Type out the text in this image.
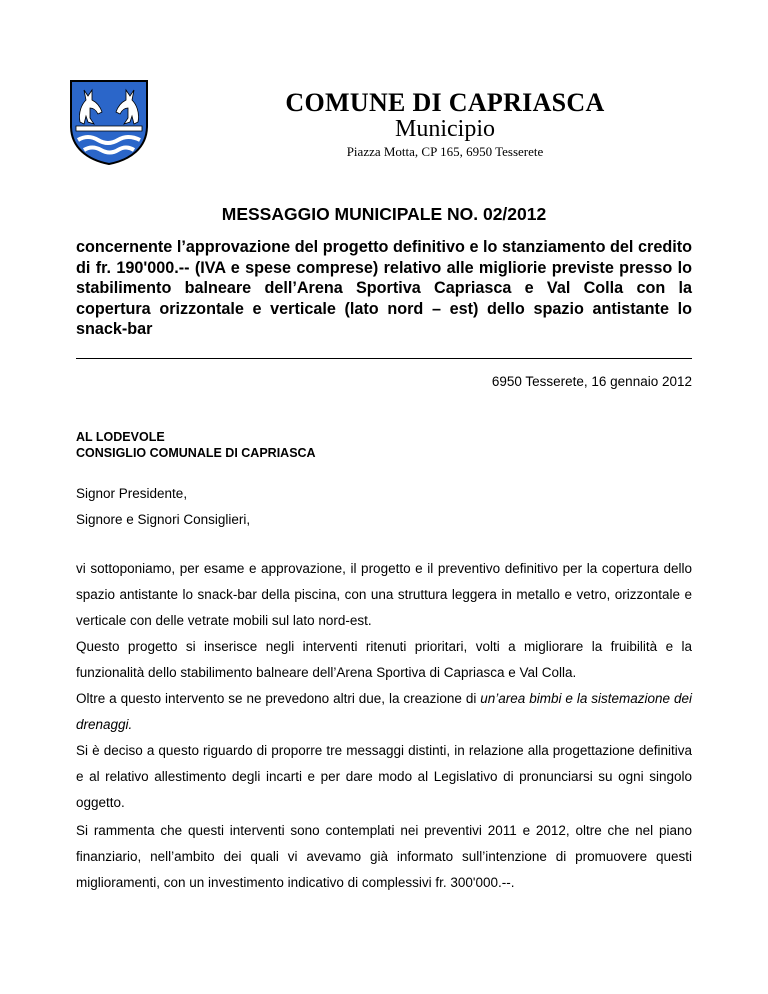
COMUNE DI CAPRIASCA
Municipio
Piazza Motta, CP 165, 6950 Tesserete
MESSAGGIO MUNICIPALE NO. 02/2012
concernente l’approvazione del progetto definitivo e lo stanziamento del credito di fr. 190'000.-- (IVA e spese comprese) relativo alle migliorie previste presso lo stabilimento balneare dell’Arena Sportiva Capriasca e Val Colla con la copertura orizzontale e verticale (lato nord – est) dello spazio antistante lo snack-bar
6950 Tesserete, 16 gennaio 2012
AL LODEVOLE
CONSIGLIO COMUNALE DI CAPRIASCA
Signor Presidente,
Signore e Signori Consiglieri,

vi sottoponiamo, per esame e approvazione, il progetto e il preventivo definitivo per la copertura dello spazio antistante lo snack-bar della piscina, con una struttura leggera in metallo e vetro, orizzontale e verticale con delle vetrate mobili sul lato nord-est.

Questo progetto si inserisce negli interventi ritenuti prioritari, volti a migliorare la fruibilità e la funzionalità dello stabilimento balneare dell’Arena Sportiva di Capriasca e Val Colla.

Oltre a questo intervento se ne prevedono altri due, la creazione di un’area bimbi e la sistemazione dei drenaggi.

Si è deciso a questo riguardo di proporre tre messaggi distinti, in relazione alla progettazione definitiva e al relativo allestimento degli incarti e per dare modo al Legislativo di pronunciarsi su ogni singolo oggetto.

Si rammenta che questi interventi sono contemplati nei preventivi 2011 e 2012, oltre che nel piano finanziario, nell’ambito dei quali vi avevamo già informato sull’intenzione di promuovere questi miglioramenti, con un investimento indicativo di complessivi fr. 300'000.--.
